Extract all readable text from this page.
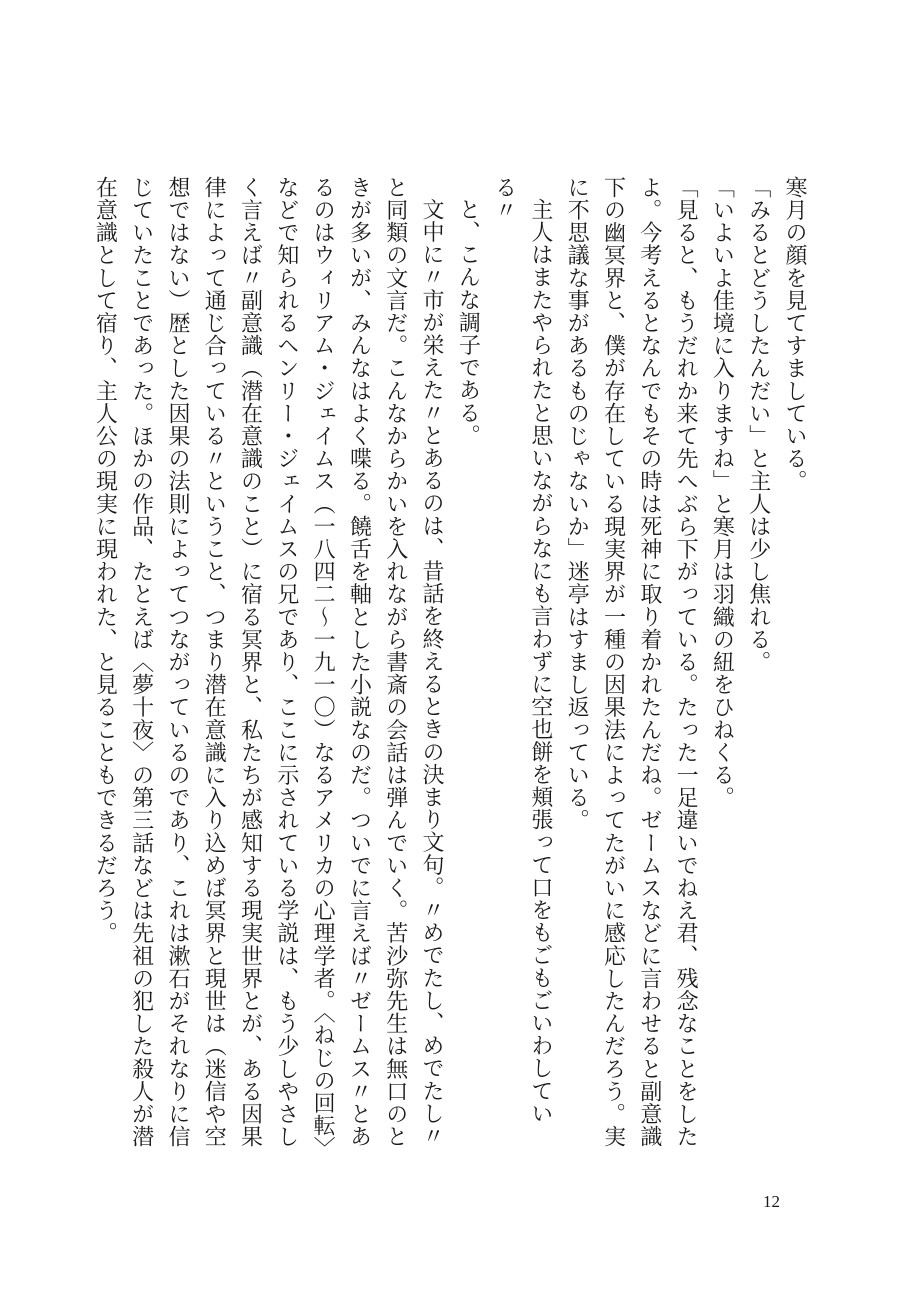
寒月の顔を見てすましている。
「みるとどうしたんだい」と主人は少し焦れる。
「いよいよ佳境に入りますね」と寒月は羽織の紐をひねくる。
「見ると、もうだれか来て先へぶら下がっている。たった一足違いでねえ君、残念なことをした
よ。今考えるとなんでもその時は死神に取り着かれたんだね。ゼームスなどに言わせると副意識
下の幽冥界と、僕が存在している現実界が一種の因果法によってたがいに感応したんだろう。実
に不思議な事があるものじゃないか」迷亭はすまし返っている。
主人はまたやられたと思いながらなにも言わずに空也餅を頬張って口をもごもごいわしてい
る〃
と、こんな調子である。
文中に〃市が栄えた〃とあるのは、昔話を終えるときの決まり文句。〃めでたし、めでたし〃
と同類の文言だ。こんなからかいを入れながら書斎の会話は弾んでいく。苦沙弥先生は無口のと
きが多いが、みんなはよく喋る。饒舌を軸とした小説なのだ。ついでに言えば〃ゼームス〃とあ
るのはウィリアム・ジェイムス（一八四二〜一九一〇）なるアメリカの心理学者。〈ねじの回転〉
などで知られるヘンリー・ジェイムスの兄であり、ここに示されている学説は、もう少しやさし
く言えば〃副意識（潜在意識のこと）に宿る冥界と、私たちが感知する現実世界とが、ある因果
律によって通じ合っている〃ということ、つまり潜在意識に入り込めば冥界と現世は（迷信や空
想ではない）歴とした因果の法則によってつながっているのであり、これは漱石がそれなりに信
じていたことであった。ほかの作品、たとえば〈夢十夜〉の第三話などは先祖の犯した殺人が潜
在意識として宿り、主人公の現実に現われた、と見ることもできるだろう。
12
